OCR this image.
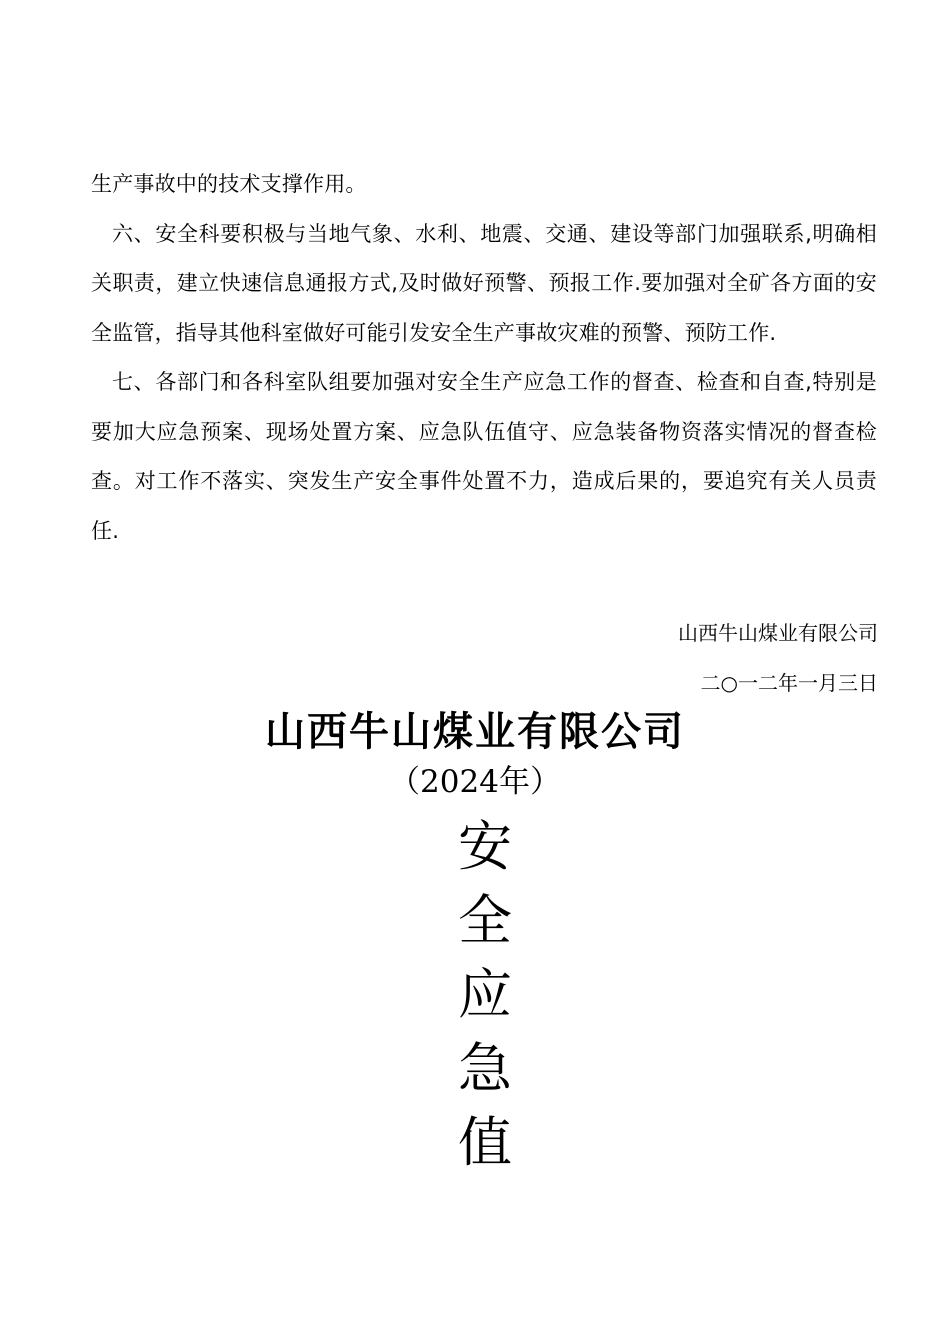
生产事故中的技术支撑作用。

六、安全科要积极与当地气象、水利、地震、交通、建设等部门加强联系,明确相关职责，建立快速信息通报方式,及时做好预警、预报工作.要加强对全矿各方面的安全监管，指导其他科室做好可能引发安全生产事故灾难的预警、预防工作.

七、各部门和各科室队组要加强对安全生产应急工作的督查、检查和自查,特别是要加大应急预案、现场处置方案、应急队伍值守、应急装备物资落实情况的督查检查。对工作不落实、突发生产安全事件处置不力，造成后果的，要追究有关人员责任.

山西牛山煤业有限公司
二○一二年一月三日
山西牛山煤业有限公司
（2024年）
安
全
应
急
值
